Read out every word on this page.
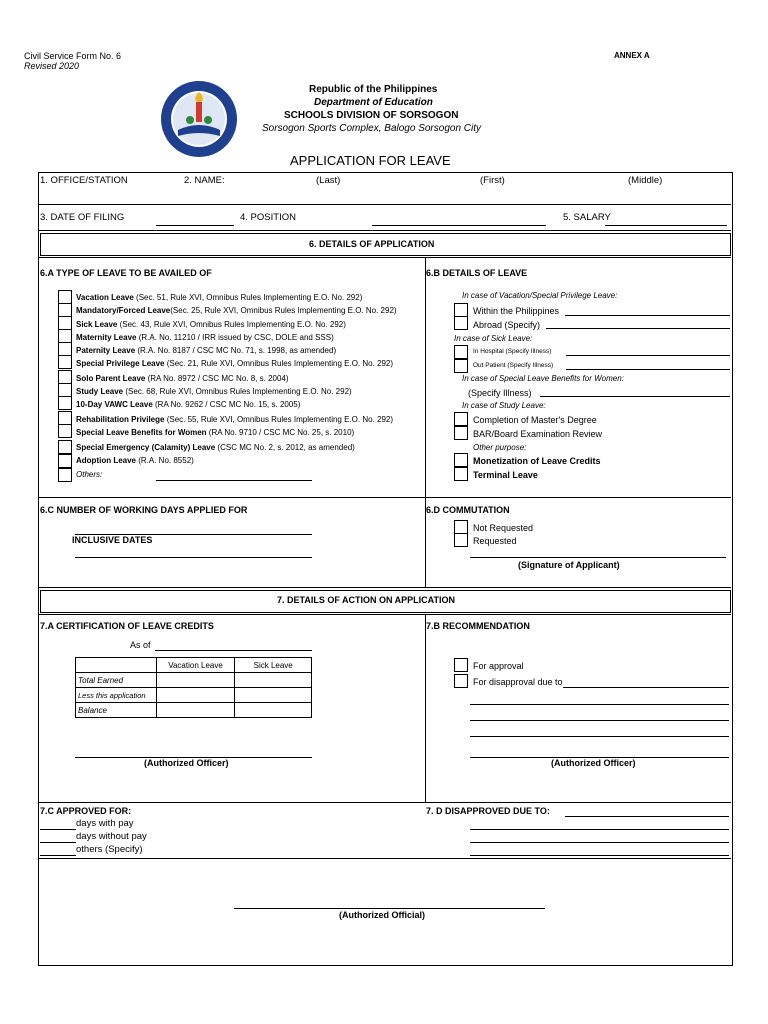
Civil Service Form No. 6
Revised 2020
ANNEX A
Republic of the Philippines
Department of Education
SCHOOLS DIVISION OF SORSOGON
Sorsogon Sports Complex, Balogo Sorsogon City
APPLICATION FOR LEAVE
1. OFFICE/STATION	2. NAME:	(Last)	(First)	(Middle)
3. DATE OF FILING	4. POSITION	5. SALARY
6. DETAILS OF APPLICATION
6.A TYPE OF LEAVE TO BE AVAILED OF
Vacation Leave (Sec. 51, Rule XVI, Omnibus Rules Implementing E.O. No. 292)
Mandatory/Forced Leave(Sec. 25, Rule XVI, Omnibus Rules Implementing E.O. No. 292)
Sick Leave (Sec. 43, Rule XVI, Omnibus Rules Implementing E.O. No. 292)
Maternity Leave (R.A. No. 11210 / IRR issued by CSC, DOLE and SSS)
Paternity Leave (R.A. No. 8187 / CSC MC No. 71, s. 1998, as amended)
Special Privilege Leave (Sec. 21, Rule XVI, Omnibus Rules Implementing E.O. No. 292)
Solo Parent Leave (RA No. 8972 / CSC MC No. 8, s. 2004)
Study Leave (Sec. 68, Rule XVI, Omnibus Rules Implementing E.O. No. 292)
10-Day VAWC Leave (RA No. 9262 / CSC MC No. 15, s. 2005)
Rehabilitation Privilege (Sec. 55, Rule XVI, Omnibus Rules Implementing E.O. No. 292)
Special Leave Benefits for Women (RA No. 9710 / CSC MC No. 25, s. 2010)
Special Emergency (Calamity) Leave (CSC MC No. 2, s. 2012, as amended)
Adoption Leave (R.A. No. 8552)
Others:
6.B DETAILS OF LEAVE
In case of Vacation/Special Privilege Leave:
Within the Philippines
Abroad (Specify)
In case of Sick Leave:
In Hospital (Specify Illness)
Out Patient (Specify Illness)
In case of Special Leave Benefits for Women:
(Specify Illness)
In case of Study Leave:
Completion of Master's Degree
BAR/Board Examination Review
Other purpose:
Monetization of Leave Credits
Terminal Leave
6.C NUMBER OF WORKING DAYS APPLIED FOR
INCLUSIVE DATES
6.D COMMUTATION
Not Requested
Requested
(Signature of Applicant)
7. DETAILS OF ACTION ON APPLICATION
7.A CERTIFICATION OF LEAVE CREDITS
As of
	Vacation Leave	Sick Leave
Total Earned		
Less this application		
Balance		
(Authorized Officer)
7.B RECOMMENDATION
For approval
For disapproval due to
(Authorized Officer)
7.C APPROVED FOR:
days with pay
days without pay
others (Specify)
7. D DISAPPROVED DUE TO:
(Authorized Official)
